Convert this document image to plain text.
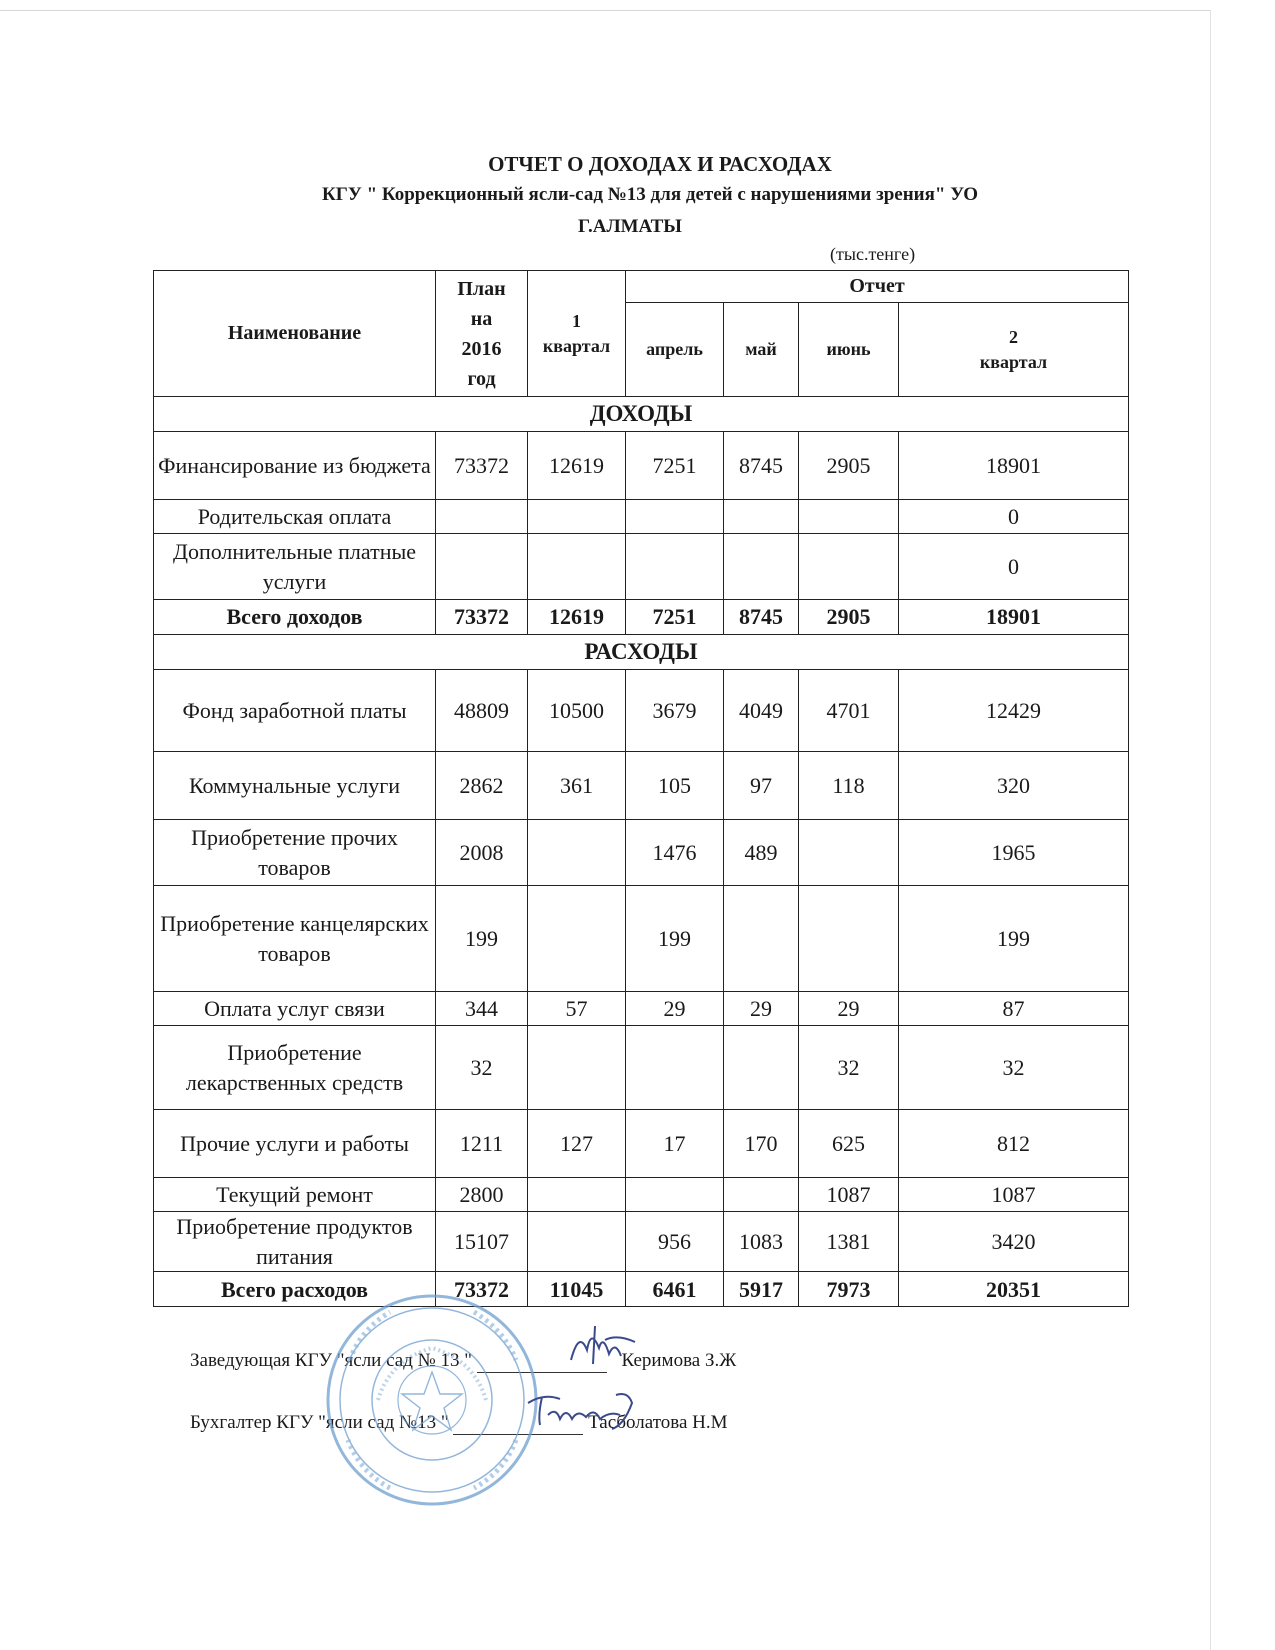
ОТЧЕТ О ДОХОДАХ И РАСХОДАХ
КГУ " Коррекционный ясли-сад №13 для детей с нарушениями зрения" УО
Г.АЛМАТЫ
(тыс.тенге)
Наименование	План на 2016 год	1 квартал	Отчет			
			апрель	май	июнь	2 квартал

ДОХОДЫ						
Финансирование из бюджета	73372	12619	7251	8745	2905	18901
Родительская оплата						0
Дополнительные платные услуги						0
Всего доходов	73372	12619	7251	8745	2905	18901
РАСХОДЫ						
Фонд заработной платы	48809	10500	3679	4049	4701	12429
Коммунальные услуги	2862	361	105	97	118	320
Приобретение прочих товаров	2008		1476	489		1965
Приобретение канцелярских товаров	199		199			199
Оплата услуг связи	344	57	29	29	29	87
Приобретение лекарственных средств	32				32	32
Прочие услуги и работы	1211	127	17	170	625	812
Текущий ремонт	2800				1087	1087
Приобретение продуктов питания	15107		956	1083	1381	3420
Всего расходов	73372	11045	6461	5917	7973	20351
Заведующая КГУ "ясли сад № 13 "	Керимова З.Ж
Бухгалтер КГУ "ясли сад №13 "	Тасболатова Н.М
